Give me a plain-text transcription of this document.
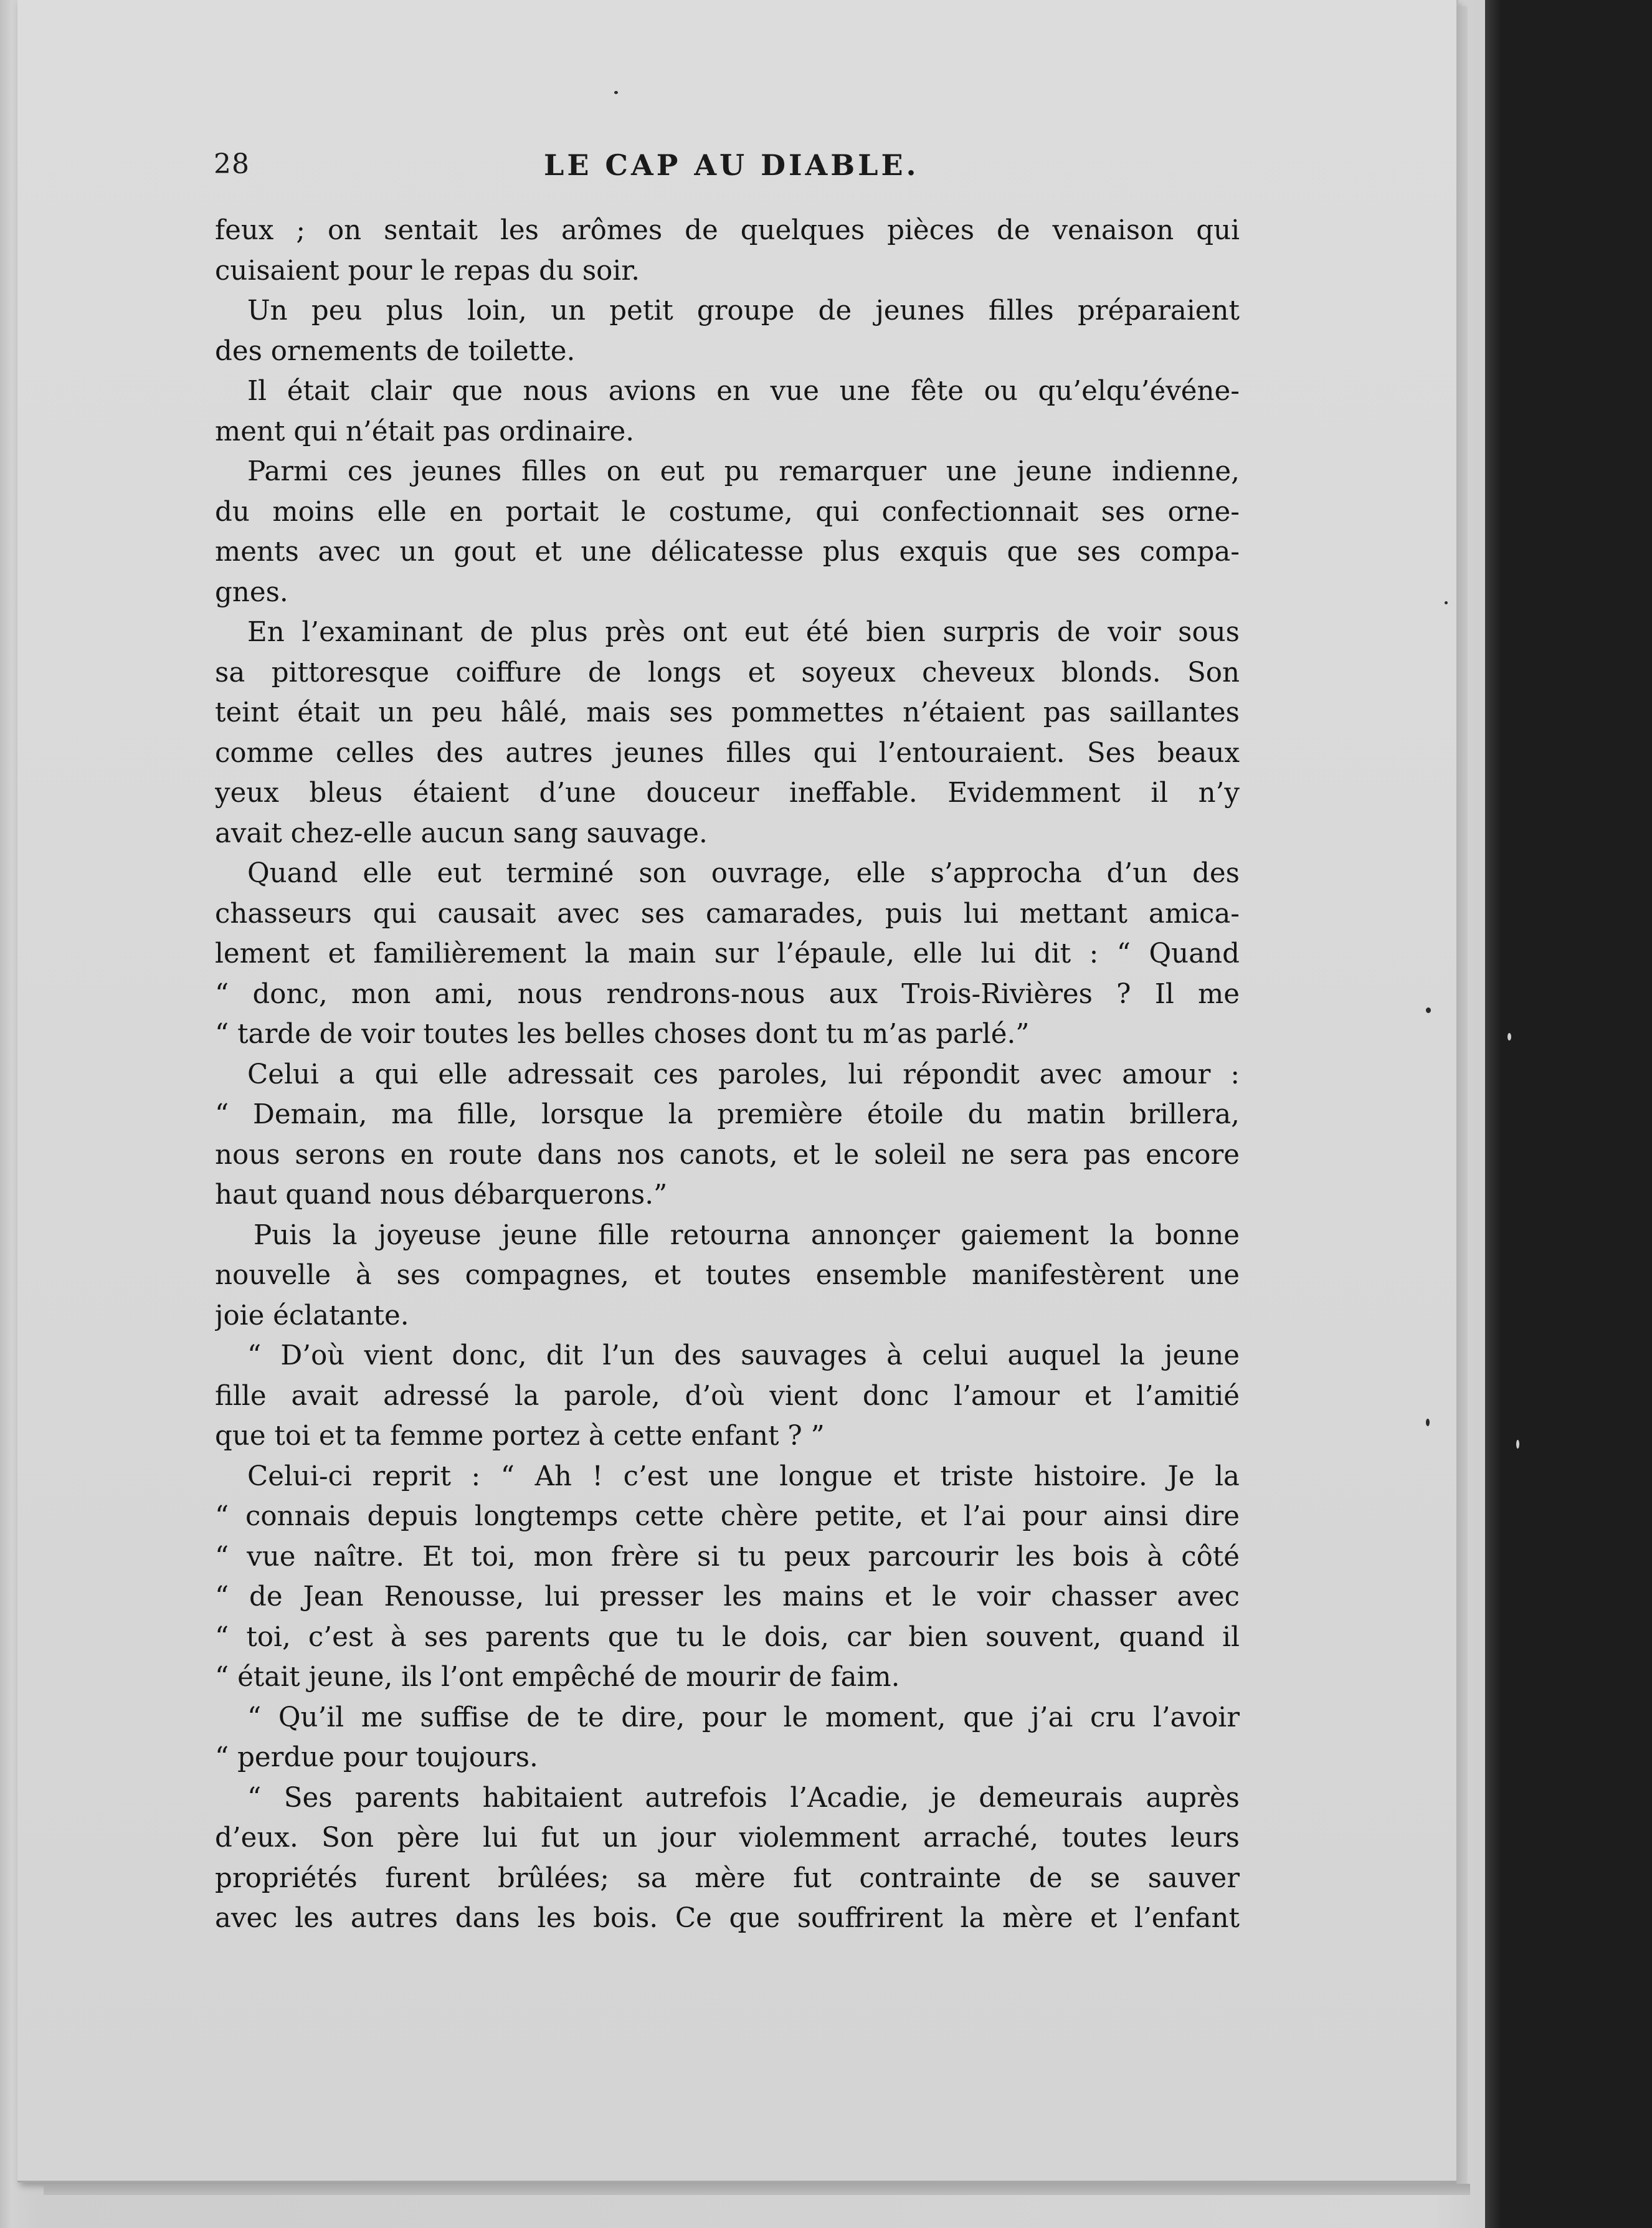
28	LE CAP AU DIABLE.
feux ; on sentait les arômes de quelques pièces de venaison qui
cuisaient pour le repas du soir.
Un peu plus loin, un petit groupe de jeunes filles préparaient
des ornements de toilette.
Il était clair que nous avions en vue une fête ou qu’elqu’événe-
ment qui n’était pas ordinaire.
Parmi ces jeunes filles on eut pu remarquer une jeune indienne,
du moins elle en portait le costume, qui confectionnait ses orne-
ments avec un gout et une délicatesse plus exquis que ses compa-
gnes.
En l’examinant de plus près ont eut été bien surpris de voir sous
sa pittoresque coiffure de longs et soyeux cheveux blonds. Son
teint était un peu hâlé, mais ses pommettes n’étaient pas saillantes
comme celles des autres jeunes filles qui l’entouraient. Ses beaux
yeux bleus étaient d’une douceur ineffable. Evidemment il n’y
avait chez-elle aucun sang sauvage.
Quand elle eut terminé son ouvrage, elle s’approcha d’un des
chasseurs qui causait avec ses camarades, puis lui mettant amica-
lement et familièrement la main sur l’épaule, elle lui dit : “ Quand
“ donc, mon ami, nous rendrons-nous aux Trois-Rivières ? Il me
“ tarde de voir toutes les belles choses dont tu m’as parlé.”
Celui a qui elle adressait ces paroles, lui répondit avec amour :
“ Demain, ma fille, lorsque la première étoile du matin brillera,
nous serons en route dans nos canots, et le soleil ne sera pas encore
haut quand nous débarquerons.”
Puis la joyeuse jeune fille retourna annonçer gaiement la bonne
nouvelle à ses compagnes, et toutes ensemble manifestèrent une
joie éclatante.
“ D’où vient donc, dit l’un des sauvages à celui auquel la jeune
fille avait adressé la parole, d’où vient donc l’amour et l’amitié
que toi et ta femme portez à cette enfant ? ”
Celui-ci reprit : “ Ah ! c’est une longue et triste histoire. Je la
“ connais depuis longtemps cette chère petite, et l’ai pour ainsi dire
“ vue naître. Et toi, mon frère si tu peux parcourir les bois à côté
“ de Jean Renousse, lui presser les mains et le voir chasser avec
“ toi, c’est à ses parents que tu le dois, car bien souvent, quand il
“ était jeune, ils l’ont empêché de mourir de faim.
“ Qu’il me suffise de te dire, pour le moment, que j’ai cru l’avoir
“ perdue pour toujours.
“ Ses parents habitaient autrefois l’Acadie, je demeurais auprès
d’eux. Son père lui fut un jour violemment arraché, toutes leurs
propriétés furent brûlées; sa mère fut contrainte de se sauver
avec les autres dans les bois. Ce que souffrirent la mère et l’enfant
